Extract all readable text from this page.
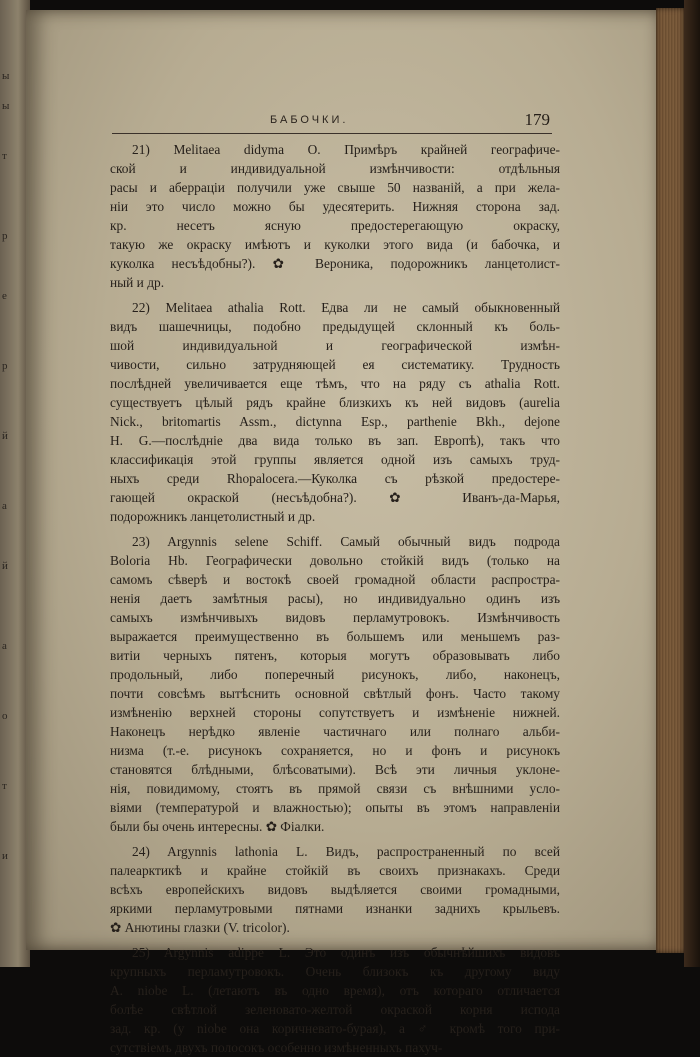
ы
ы
т
р
е
р
й
а
й
а
о
т
и
БАБОЧКИ.	179
21) Melitaea didyma O. Примѣръ крайней географиче-
ской и индивидуальной измѣнчивости: отдѣльныя
расы и аберраціи получили уже свыше 50 названій, а при жела-
ніи это число можно бы удесятерить. Нижняя сторона зад.
кр. несетъ ясную предостерегающую окраску,
такую же окраску имѣютъ и куколки этого вида (и бабочка, и
куколка несъѣдобны?). ✿ Вероника, подорожникъ ланцетолист-
ный и др.
22) Melitaea athalia Rott. Едва ли не самый обыкновенный
видъ шашечницы, подобно предыдущей склонный къ боль-
шой индивидуальной и географической измѣн-
чивости, сильно затрудняющей ея систематику. Трудность
послѣдней увеличивается еще тѣмъ, что на ряду съ athalia Rott.
существуетъ цѣлый рядъ крайне близкихъ къ ней видовъ (aurelia
Nick., britomartis Assm., dictynna Esp., parthenie Bkh., dejone
H. G.—послѣдніе два вида только въ зап. Европѣ), такъ что
классификація этой группы является одной изъ самыхъ труд-
ныхъ среди Rhopalocera.—Куколка съ рѣзкой предостере-
гающей окраской (несъѣдобна?). ✿ Иванъ-да-Марья,
подорожникъ ланцетолистный и др.
23) Argynnis selene Schiff. Самый обычный видъ подрода
Boloria Hb. Географически довольно стойкій видъ (только на
самомъ сѣверѣ и востокѣ своей громадной области распростра-
ненія даетъ замѣтныя расы), но индивидуально одинъ изъ
самыхъ измѣнчивыхъ видовъ перламутровокъ. Измѣнчивость
выражается преимущественно въ большемъ или меньшемъ раз-
витіи черныхъ пятенъ, которыя могутъ образовывать либо
продольный, либо поперечный рисунокъ, либо, наконецъ,
почти совсѣмъ вытѣснить основной свѣтлый фонъ. Часто такому
измѣненію верхней стороны сопутствуетъ и измѣненіе нижней.
Наконецъ нерѣдко явленіе частичнаго или полнаго альби-
низма (т.-е. рисунокъ сохраняется, но и фонъ и рисунокъ
становятся блѣдными, блѣсоватыми). Всѣ эти личныя уклоне-
нія, повидимому, стоятъ въ прямой связи съ внѣшними усло-
віями (температурой и влажностью); опыты въ этомъ направленіи
были бы очень интересны. ✿ Фіалки.
24) Argynnis lathonia L. Видъ, распространенный по всей
палеарктикѣ и крайне стойкій въ своихъ признакахъ. Среди
всѣхъ европейскихъ видовъ выдѣляется своими громадными,
яркими перламутровыми пятнами изнанки заднихъ крыльевъ.
✿ Анютины глазки (V. tricolor).
25) Argynnis adippe L. Это одинъ изъ обычнѣйшихъ видовъ
крупныхъ перламутровокъ. Очень близокъ къ другому виду
A. niobe L. (летаютъ въ одно время), отъ котораго отличается
болѣе свѣтлой зеленовато-желтой окраской корня испода
зад. кр. (у niobe она коричневато-бурая), а ♂ кромѣ того при-
сутствіемъ двухъ полосокъ особенно измѣненныхъ пахуч-
